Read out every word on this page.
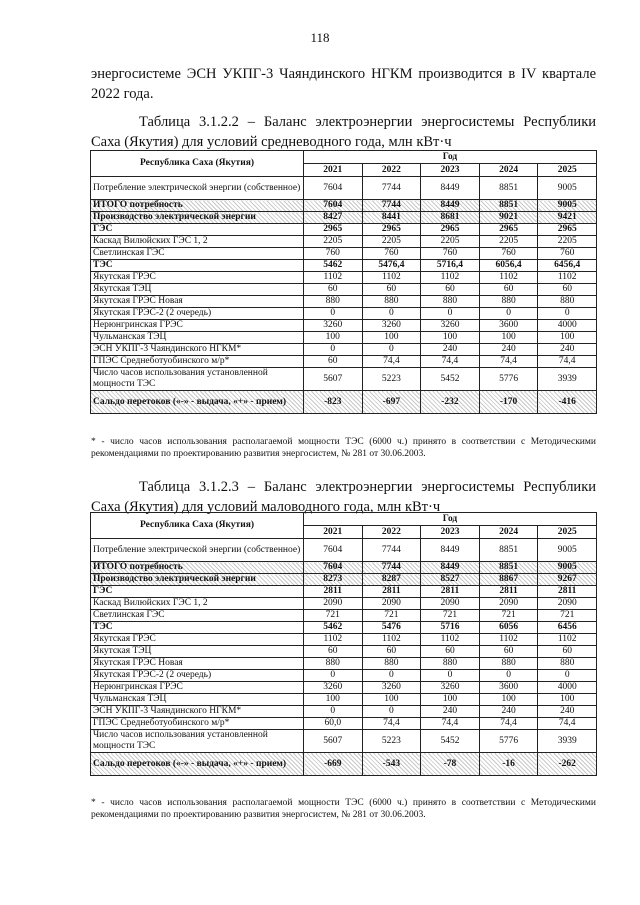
118
энергосистеме ЭСН УКПГ-3 Чаяндинского НГКМ производится в IV квартале 2022 года.
Таблица 3.1.2.2 – Баланс электроэнергии энергосистемы Республики Саха (Якутия) для условий средневодного года, млн кВт·ч
Республика Саха (Якутия)	Год				
	2021	2022	2023	2024	2025
Потребление электрической энергии (собственное)	7604	7744	8449	8851	9005
ИТОГО потребность	7604	7744	8449	8851	9005
Производство электрической энергии	8427	8441	8681	9021	9421
ГЭС	2965	2965	2965	2965	2965
Каскад Вилюйских ГЭС 1, 2	2205	2205	2205	2205	2205
Светлинская ГЭС	760	760	760	760	760
ТЭС	5462	5476,4	5716,4	6056,4	6456,4
Якутская ГРЭС	1102	1102	1102	1102	1102
Якутская ТЭЦ	60	60	60	60	60
Якутская ГРЭС Новая	880	880	880	880	880
Якутская ГРЭС-2 (2 очередь)	0	0	0	0	0
Нерюнгринская ГРЭС	3260	3260	3260	3600	4000
Чульманская ТЭЦ	100	100	100	100	100
ЭСН УКПГ-3 Чаяндинского НГКМ*	0	0	240	240	240
ГПЭС Среднеботуобинского м/р*	60	74,4	74,4	74,4	74,4
Число часов использования установленной мощности ТЭС	5607	5223	5452	5776	3939
Сальдо перетоков («-» - выдача, «+» - прием)	-823	-697	-232	-170	-416
* - число часов использования располагаемой мощности ТЭС (6000 ч.) принято в соответствии с Методическими рекомендациями по проектированию развития энергосистем, № 281 от 30.06.2003.
Таблица 3.1.2.3 – Баланс электроэнергии энергосистемы Республики Саха (Якутия) для условий маловодного года, млн кВт·ч
Республика Саха (Якутия)	Год				
	2021	2022	2023	2024	2025
Потребление электрической энергии (собственное)	7604	7744	8449	8851	9005
ИТОГО потребность	7604	7744	8449	8851	9005
Производство электрической энергии	8273	8287	8527	8867	9267
ГЭС	2811	2811	2811	2811	2811
Каскад Вилюйских ГЭС 1, 2	2090	2090	2090	2090	2090
Светлинская ГЭС	721	721	721	721	721
ТЭС	5462	5476	5716	6056	6456
Якутская ГРЭС	1102	1102	1102	1102	1102
Якутская ТЭЦ	60	60	60	60	60
Якутская ГРЭС Новая	880	880	880	880	880
Якутская ГРЭС-2 (2 очередь)	0	0	0	0	0
Нерюнгринская ГРЭС	3260	3260	3260	3600	4000
Чульманская ТЭЦ	100	100	100	100	100
ЭСН УКПГ-3 Чаяндинского НГКМ*	0	0	240	240	240
ГПЭС Среднеботуобинского м/р*	60,0	74,4	74,4	74,4	74,4
Число часов использования установленной мощности ТЭС	5607	5223	5452	5776	3939
Сальдо перетоков («-» - выдача, «+» - прием)	-669	-543	-78	-16	-262
* - число часов использования располагаемой мощности ТЭС (6000 ч.) принято в соответствии с Методическими рекомендациями по проектированию развития энергосистем, № 281 от 30.06.2003.
